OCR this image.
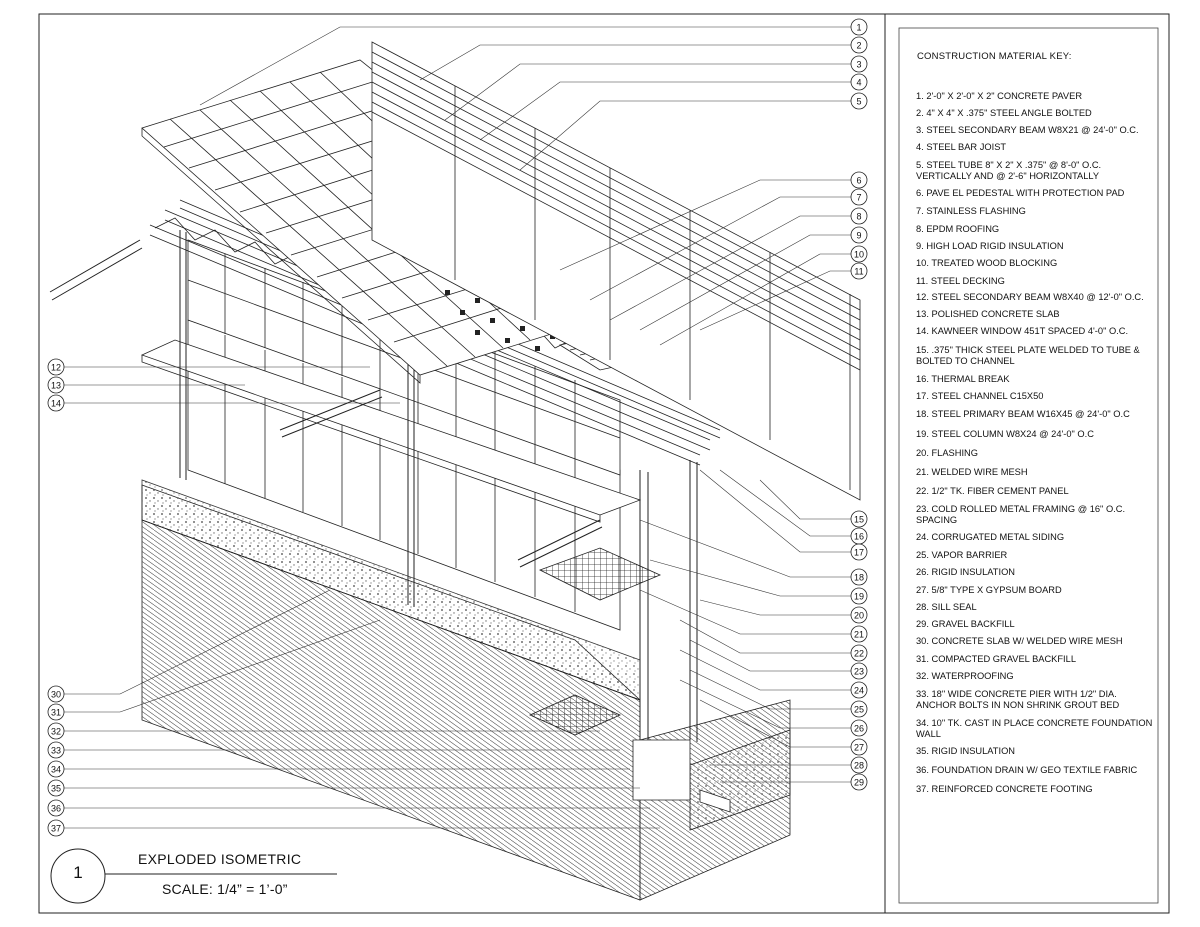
1
2
3
4
5
6
7
8
9
10
11
15
16
17
18
19
20
21
22
23
24
25
26
27
28
29
12
13
14
30
31
32
33
34
35
36
37
CONSTRUCTION MATERIAL KEY:
1. 2'-0" X 2'-0" X 2" CONCRETE PAVER
2. 4" X 4" X .375" STEEL ANGLE BOLTED
3. STEEL SECONDARY BEAM W8X21 @ 24'-0" O.C.
4. STEEL BAR JOIST
5. STEEL TUBE 8" X 2" X .375" @ 8'-0" O.C. VERTICALLY AND @ 2'-6" HORIZONTALLY
6. PAVE EL PEDESTAL WITH PROTECTION PAD
7. STAINLESS FLASHING
8. EPDM ROOFING
9. HIGH LOAD RIGID INSULATION
10. TREATED WOOD BLOCKING
11. STEEL DECKING
12. STEEL SECONDARY BEAM W8X40 @ 12'-0" O.C.
13. POLISHED CONCRETE SLAB
14. KAWNEER WINDOW 451T SPACED 4'-0" O.C.
15. .375" THICK STEEL PLATE WELDED TO TUBE & BOLTED TO CHANNEL
16. THERMAL BREAK
17. STEEL CHANNEL C15X50
18. STEEL PRIMARY BEAM W16X45 @ 24'-0" O.C
19. STEEL COLUMN W8X24 @ 24'-0" O.C
20. FLASHING
21. WELDED WIRE MESH
22. 1/2" TK. FIBER CEMENT PANEL
23. COLD ROLLED METAL FRAMING @ 16" O.C. SPACING
24. CORRUGATED METAL SIDING
25. VAPOR BARRIER
26. RIGID INSULATION
27. 5/8" TYPE X GYPSUM BOARD
28. SILL SEAL
29. GRAVEL BACKFILL
30. CONCRETE SLAB W/ WELDED WIRE MESH
31. COMPACTED GRAVEL BACKFILL
32. WATERPROOFING
33. 18" WIDE CONCRETE PIER WITH 1/2" DIA. ANCHOR BOLTS IN NON SHRINK GROUT BED
34. 10" TK. CAST IN PLACE CONCRETE FOUNDATION WALL
35. RIGID INSULATION
36. FOUNDATION DRAIN W/ GEO TEXTILE FABRIC
37. REINFORCED CONCRETE FOOTING
1
EXPLODED ISOMETRIC
SCALE: 1/4” = 1’-0”
